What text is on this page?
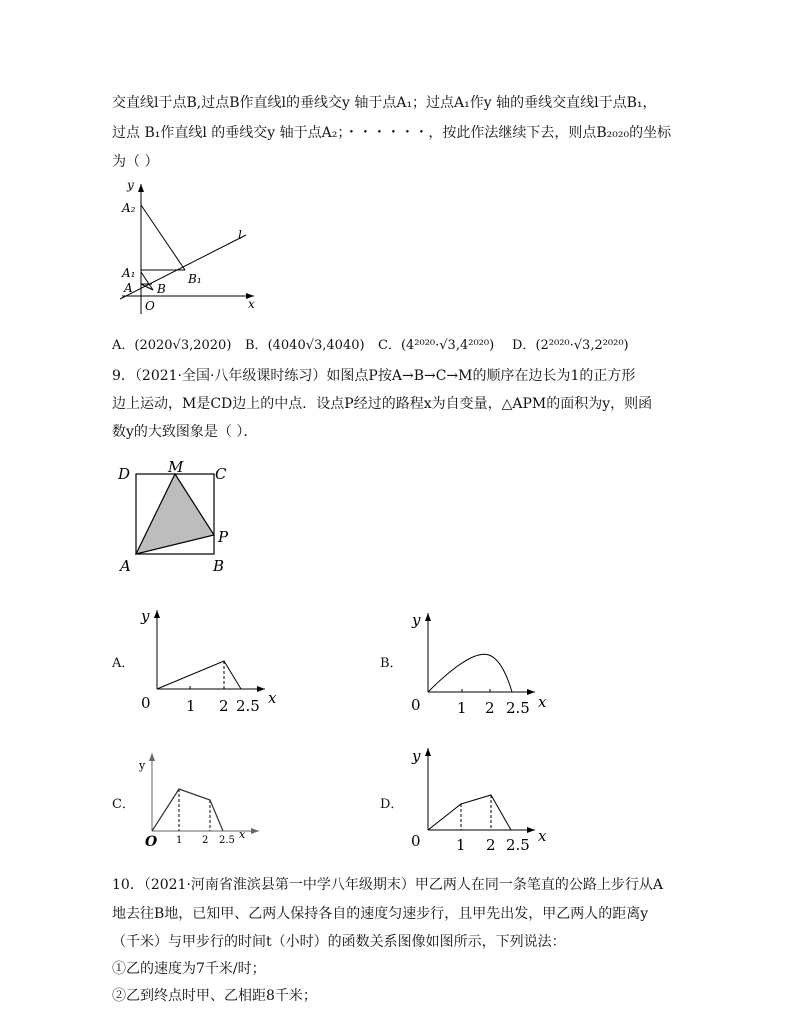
交直线l于点B,过点B作直线l的垂线交y 轴于点A₁；过点A₁作y 轴的垂线交直线l于点B₁，
过点 B₁作直线l 的垂线交y 轴于点A₂；・・・・・・，按此作法继续下去，则点B₂₀₂₀的坐标
为（ ）
y
x
A₂
A₁
A B
B₁
O
l
A．(2020√3,2020) B．(4040√3,4040) C．(4²⁰²⁰·√3,4²⁰²⁰) D．(2²⁰²⁰·√3,2²⁰²⁰)
9．（2021·全国·八年级课时练习）如图点P按A→B→C→M的顺序在边长为1的正方形
边上运动，M是CD边上的中点．设点P经过的路程x为自变量，△APM的面积为y，则函
数y的大致图象是（ ）．
D	M C
P
A	B
A．
y
x
0 1 2 2.5
B．
y
x
0 1 2 2.5
C．
y
x
O 1 2 2.5
D．
y
x
0 1 2 2.5
10．（2021·河南省淮滨县第一中学八年级期末）甲乙两人在同一条笔直的公路上步行从A
地去往B地，已知甲、乙两人保持各自的速度匀速步行，且甲先出发，甲乙两人的距离y
（千米）与甲步行的时间t（小时）的函数关系图像如图所示，下列说法：
①乙的速度为7千米/时；
②乙到终点时甲、乙相距8千米；
